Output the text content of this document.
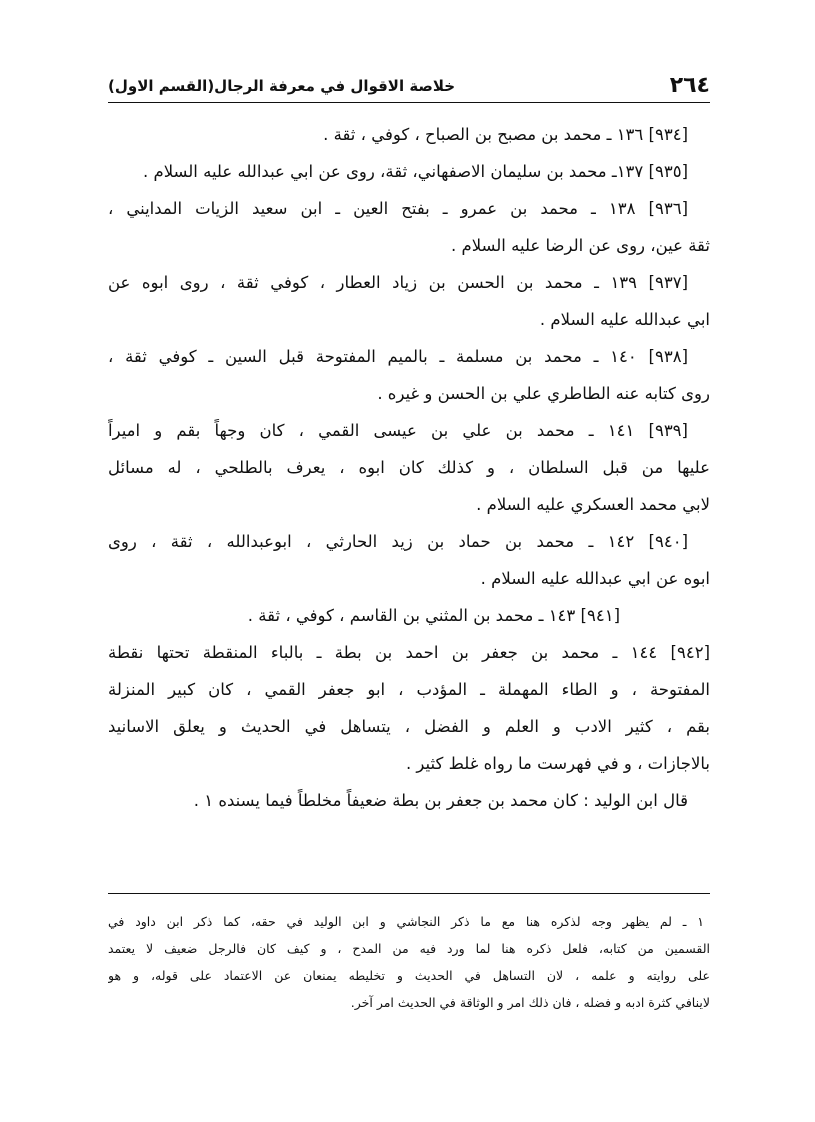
٢٦٤
خلاصة الاقوال في معرفة الرجال(القسم الاول)
[٩٣٤] ١٣٦ ـ محمد بن مصبح بن الصباح ، كوفي ، ثقة .
[٩٣٥] ١٣٧ـ محمد بن سليمان الاصفهاني، ثقة، روى عن ابي عبدالله عليه السلام .
[٩٣٦] ١٣٨ ـ محمد بن عمرو ـ بفتح العين ـ ابن سعيد الزيات المدايني ،
ثقة عين، روى عن الرضا عليه السلام .
[٩٣٧] ١٣٩ ـ محمد بن الحسن بن زياد العطار ، كوفي ثقة ، روى ابوه عن
ابي عبدالله عليه السلام .
[٩٣٨] ١٤٠ ـ محمد بن مسلمة ـ بالميم المفتوحة قبل السين ـ كوفي ثقة ،
روى كتابه عنه الطاطري علي بن الحسن و غيره .
[٩٣٩] ١٤١ ـ محمد بن علي بن عيسى القمي ، كان وجهاً بقم و اميراً
عليها من قبل السلطان ، و كذلك كان ابوه ، يعرف بالطلحي ، له مسائل
لابي محمد العسكري عليه السلام .
[٩٤٠] ١٤٢ ـ محمد بن حماد بن زيد الحارثي ، ابوعبدالله ، ثقة ، روى
ابوه عن ابي عبدالله عليه السلام .
[٩٤١] ١٤٣ ـ محمد بن المثني بن القاسم ، كوفي ، ثقة .
[٩٤٢] ١٤٤ ـ محمد بن جعفر بن احمد بن بطة ـ بالباء المنقطة تحتها نقطة
المفتوحة ، و الطاء المهملة ـ المؤدب ، ابو جعفر القمي ، كان كبير المنزلة
بقم ، كثير الادب و العلم و الفضل ، يتساهل في الحديث و يعلق الاسانيد
بالاجازات ، و في فهرست ما رواه غلط كثير .
قال ابن الوليد : كان محمد بن جعفر بن بطة ضعيفاً مخلطاً فيما يسنده ١ .
١ ـ لم يظهر وجه لذكره هنا مع ما ذكر النجاشي و ابن الوليد في حقه، كما ذكر ابن داود في
القسمين من كتابه، فلعل ذكره هنا لما ورد فيه من المدح ، و كيف كان فالرجل ضعيف لا يعتمد
على روايته و علمه ، لان التساهل في الحديث و تخليطه يمنعان عن الاعتماد على قوله، و هو
لاينافي كثرة ادبه و فضله ، فان ذلك امر و الوثاقة في الحديث امر آخر.
